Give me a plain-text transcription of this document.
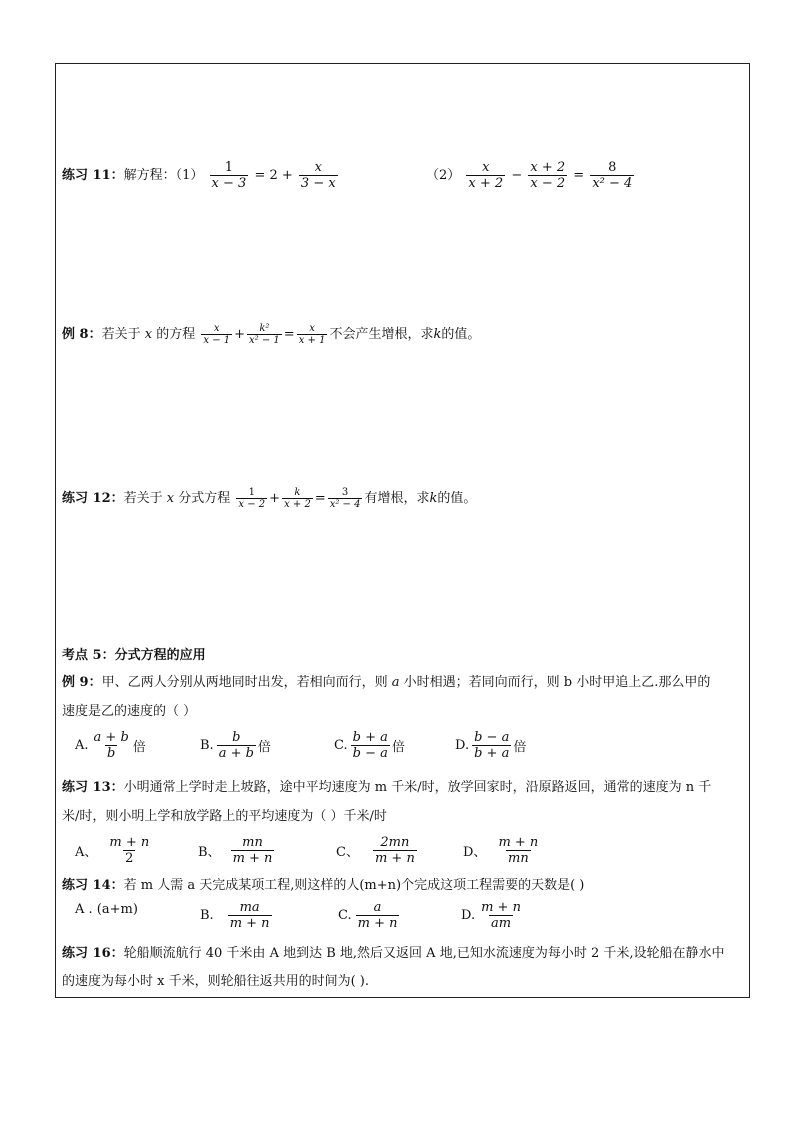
练习 11：解方程：$(1) \frac{1}{x - 3} = 2 + \frac{x}{3 - x}$	$(2) \frac{x}{x + 2} - \frac{x + 2}{x - 2} = \frac{8}{\text{x² − 4}}$
例 8：若关于 x 的方程 $\frac{x}{x - 1} + \frac{\text{k²}}{\text{x² − 1}} = \frac{x}{x + 1}$ 不会产生增根，求k的值。
练习 12：若关于 x 分式方程 $\frac{1}{x - 2} + \frac{k}{x + 2} = \frac{3}{\text{x² − 4}}$ 有增根，求k的值。
考点 5：分式方程的应用
例 9：甲、乙两人分别从两地同时出发，若相向而行，则 a 小时相遇；若同向而行，则 b 小时甲追上乙.那么甲的
速度是乙的速度的（ ）
A. $\frac{a + b}{b}$ 倍	B. $\frac{b}{a + b}$ 倍	C. $\frac{b + a}{b - a}$ 倍	D. $\frac{b - a}{b + a}$ 倍
练习 13：小明通常上学时走上坡路，途中平均速度为 m 千米/时，放学回家时，沿原路返回，通常的速度为 n 千
米/时，则小明上学和放学路上的平均速度为（ ）千米/时
A、 $\frac{m + n}{2}$	B、 $\frac{mn}{m + n}$	C、 $\frac{2mn}{m + n}$	D、 $\frac{m + n}{mn}$
练习 14：若 m 人需 a 天完成某项工程,则这样的人(m+n)个完成这项工程需要的天数是( )
A . (a+m)	B. $\frac{ma}{m + n}$	C. $\frac{a}{m + n}$	D. $\frac{m + n}{am}$
练习 16：轮船顺流航行 40 千米由 A 地到达 B 地,然后又返回 A 地,已知水流速度为每小时 2 千米,设轮船在静水中
的速度为每小时 x 千米，则轮船往返共用的时间为( ).
